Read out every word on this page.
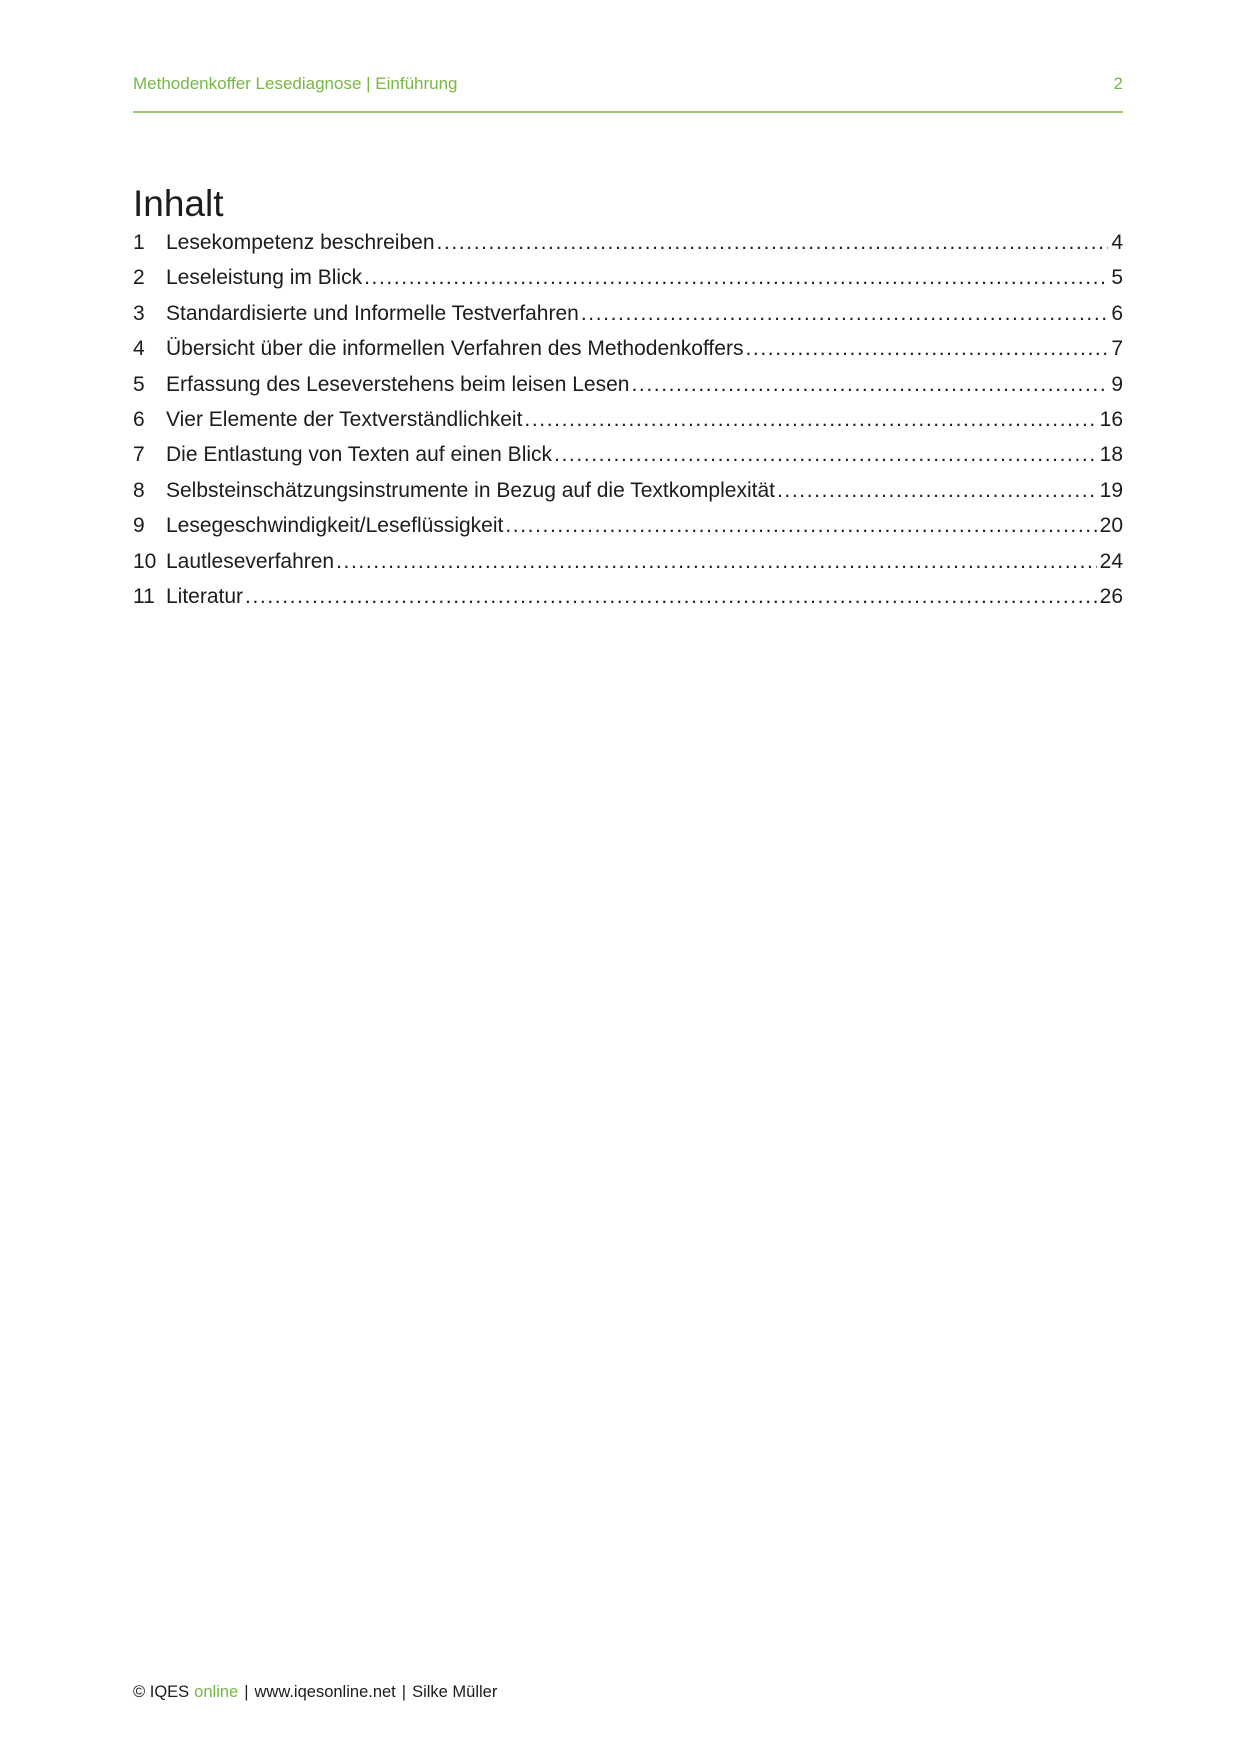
Methodenkoffer Lesediagnose | Einführung	2
Inhalt
1	Lesekompetenz beschreiben .....	4
2	Leseleistung im Blick .....	5
3	Standardisierte und Informelle Testverfahren .....	6
4	Übersicht über die informellen Verfahren des Methodenkoffers .....	7
5	Erfassung des Leseverstehens beim leisen Lesen .....	9
6	Vier Elemente der Textverständlichkeit .....	16
7	Die Entlastung von Texten auf einen Blick .....	18
8	Selbsteinschätzungsinstrumente in Bezug auf die Textkomplexität .....	19
9	Lesegeschwindigkeit/Leseflüssigkeit .....	20
10 Lautleseverfahren .....	24
11 Literatur .....	26
© IQES online | www.iqesonline.net | Silke Müller
